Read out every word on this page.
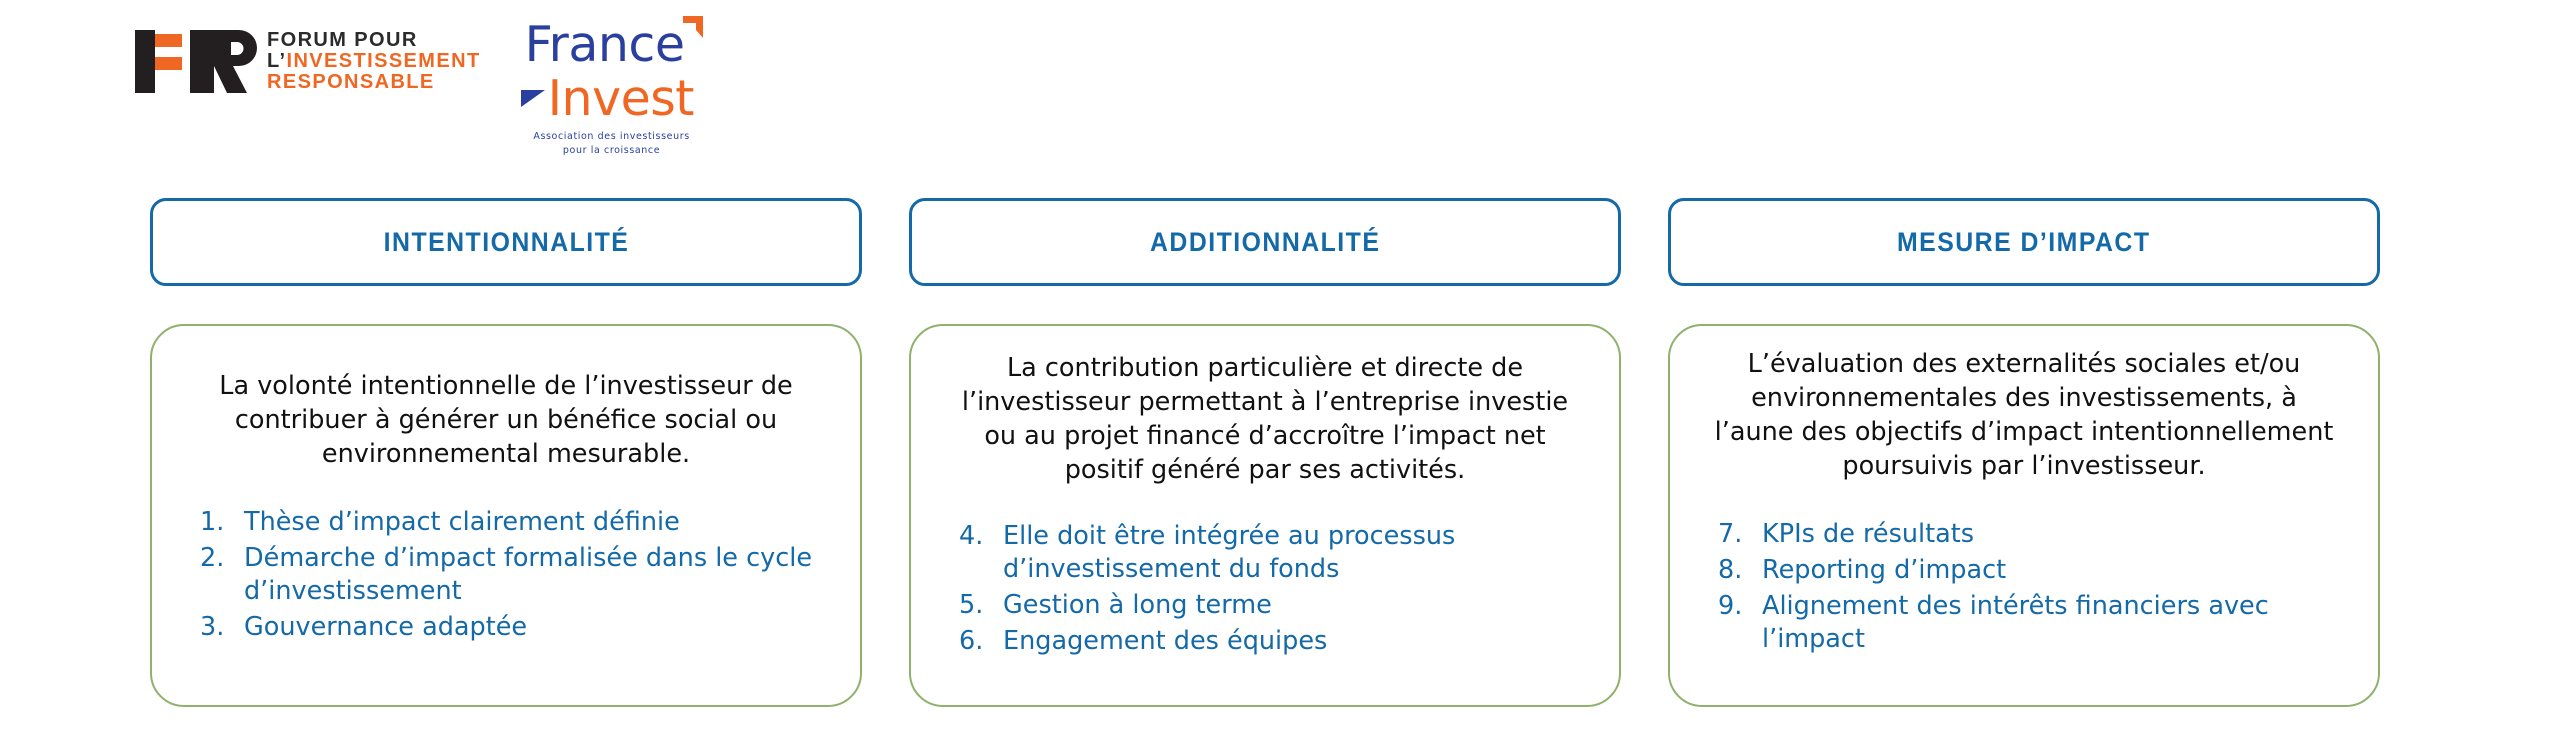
FORUM POUR
L’INVESTISSEMENT
RESPONSABLE
France
Invest
Association des investisseurs
pour la croissance
INTENTIONNALITÉ
La volonté intentionnelle de l’investisseur de contribuer à générer un bénéfice social ou environnemental mesurable.
1. Thèse d’impact clairement définie
2. Démarche d’impact formalisée dans le cycle d’investissement
3. Gouvernance adaptée
ADDITIONNALITÉ
La contribution particulière et directe de l’investisseur permettant à l’entreprise investie ou au projet financé d’accroître l’impact net positif généré par ses activités.
4. Elle doit être intégrée au processus d’investissement du fonds
5. Gestion à long terme
6. Engagement des équipes
MESURE D’IMPACT
L’évaluation des externalités sociales et/ou environnementales des investissements, à l’aune des objectifs d’impact intentionnellement poursuivis par l’investisseur.
7. KPIs de résultats
8. Reporting d’impact
9. Alignement des intérêts financiers avec l’impact
